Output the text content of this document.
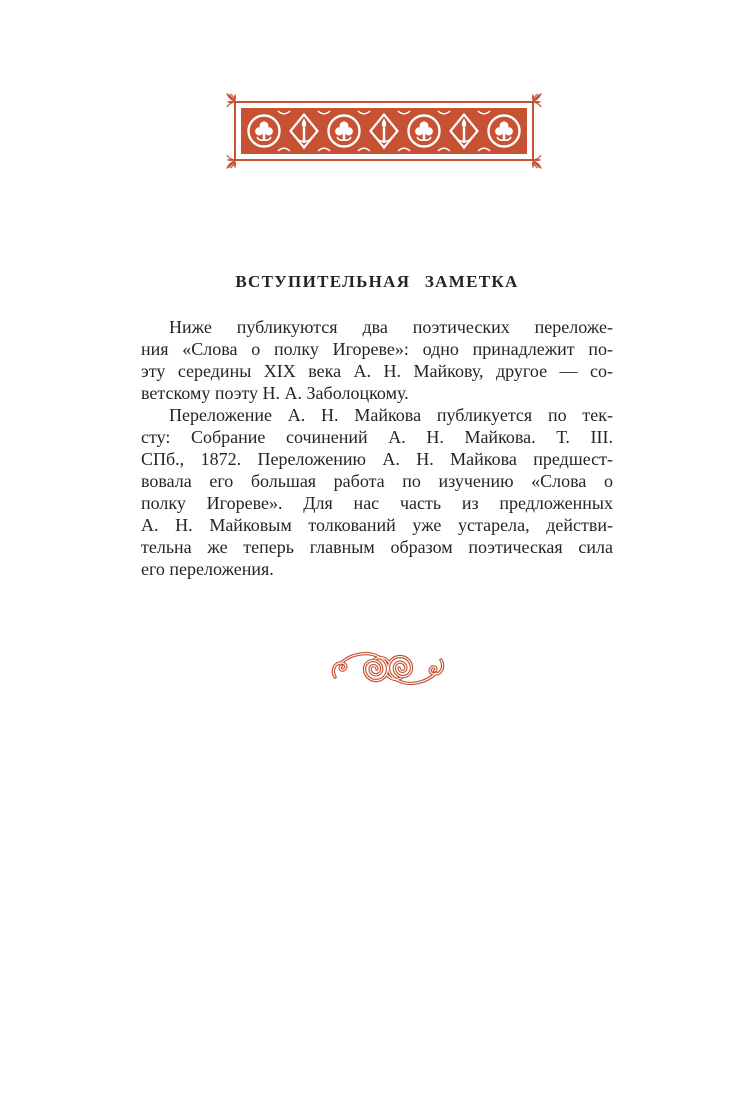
ВСТУПИТЕЛЬНАЯ ЗАМЕТКА
Ниже публикуются два поэтических переложе-
ния «Слова о полку Игореве»: одно принадлежит по-
эту середины XIX века А. Н. Майкову, другое — со-
ветскому поэту Н. А. Заболоцкому.
Переложение А. Н. Майкова публикуется по тек-
сту: Собрание сочинений А. Н. Майкова. Т. III.
СПб., 1872. Переложению А. Н. Майкова предшест-
вовала его большая работа по изучению «Слова о
полку Игореве». Для нас часть из предложенных
А. Н. Майковым толкований уже устарела, действи-
тельна же теперь главным образом поэтическая сила
его переложения.
